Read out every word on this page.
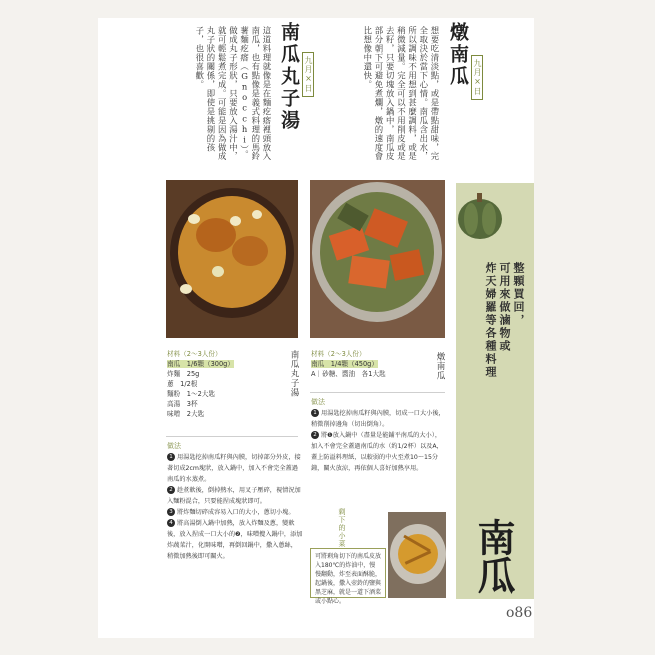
九月×日
燉南瓜
想要吃清淡點，或是帶點甜味，完全取決於當下心情。南瓜含出水，所以調味不用想到甚麼調料，或是稍微減量。完全可以不用削皮或是去籽，只要切塊放入鍋中，南瓜皮部分朝下可避免煮爛，燉的速度會比想像中還快。
九月×日
南瓜丸子湯
這道料理就像是在麵疙瘩裡頭放入南瓜，也有點像是義式料理的馬鈴薯麵疙瘩（Gnocchi）。做成丸子形狀，只要放入湯汁中，就可輕鬆煮完成。可能是因為做成丸子狀的關係，即使是挑剔的孩子，也很喜歡。
整顆買回，
可用來做滷物或
炸天婦羅等各種料理
南瓜
南瓜丸子湯
材料（2～3人份）
南瓜　1/6顆（300g）
炸麵　25g
蔥　1/2根
麵粉　1～2大匙
高湯　3杯
味噌　2大匙
做法
1 用湯匙挖掉南瓜籽與內膜，切掉部分外皮，接著切成2cm塊狀，放入鍋中，加入不會完全蓋過南瓜的水蒸煮。
2 趁煮軟後，倒掉熱水，用叉子壓碎，視情況加入麵粉混合，只要能捏成塊狀即可。
3 將炸麵切碎成容易入口的大小，蔥切小塊。
4 將高湯倒入鍋中加熱，放入炸麵及蔥，變軟後，放入捏成一口大小的❷，味噌攪入鍋中，添加炸蔬菜汁，化開味噌，再倒回鍋中，撒入蔥絲，稍微加熱後即可關火。
燉南瓜
材料（2～3人份）
南瓜　1/4顆（450g）
A｜砂糖、醬油　各1大匙
做法
1 用湯匙挖掉南瓜籽與內膜，切成一口大小後，稍微削掉邊角（切出倒角）。
2 將❶放入鍋中（盡量是能鋪平南瓜的大小），加入不會完全蓋過南瓜的水（約1/2杯）以及A，蓋上防溢料理紙，以較弱的中火至煮10～15分鐘，關火放涼，再依個人喜好加熱享用。
剩下的小菜
可將剩角切下的南瓜皮放入180℃的炸油中，慢慢翻動，炸至表面酥脆，起鍋後，撒入壺鈴的鹽與黑芝麻，就是一道下酒菜或小點心。
o86
